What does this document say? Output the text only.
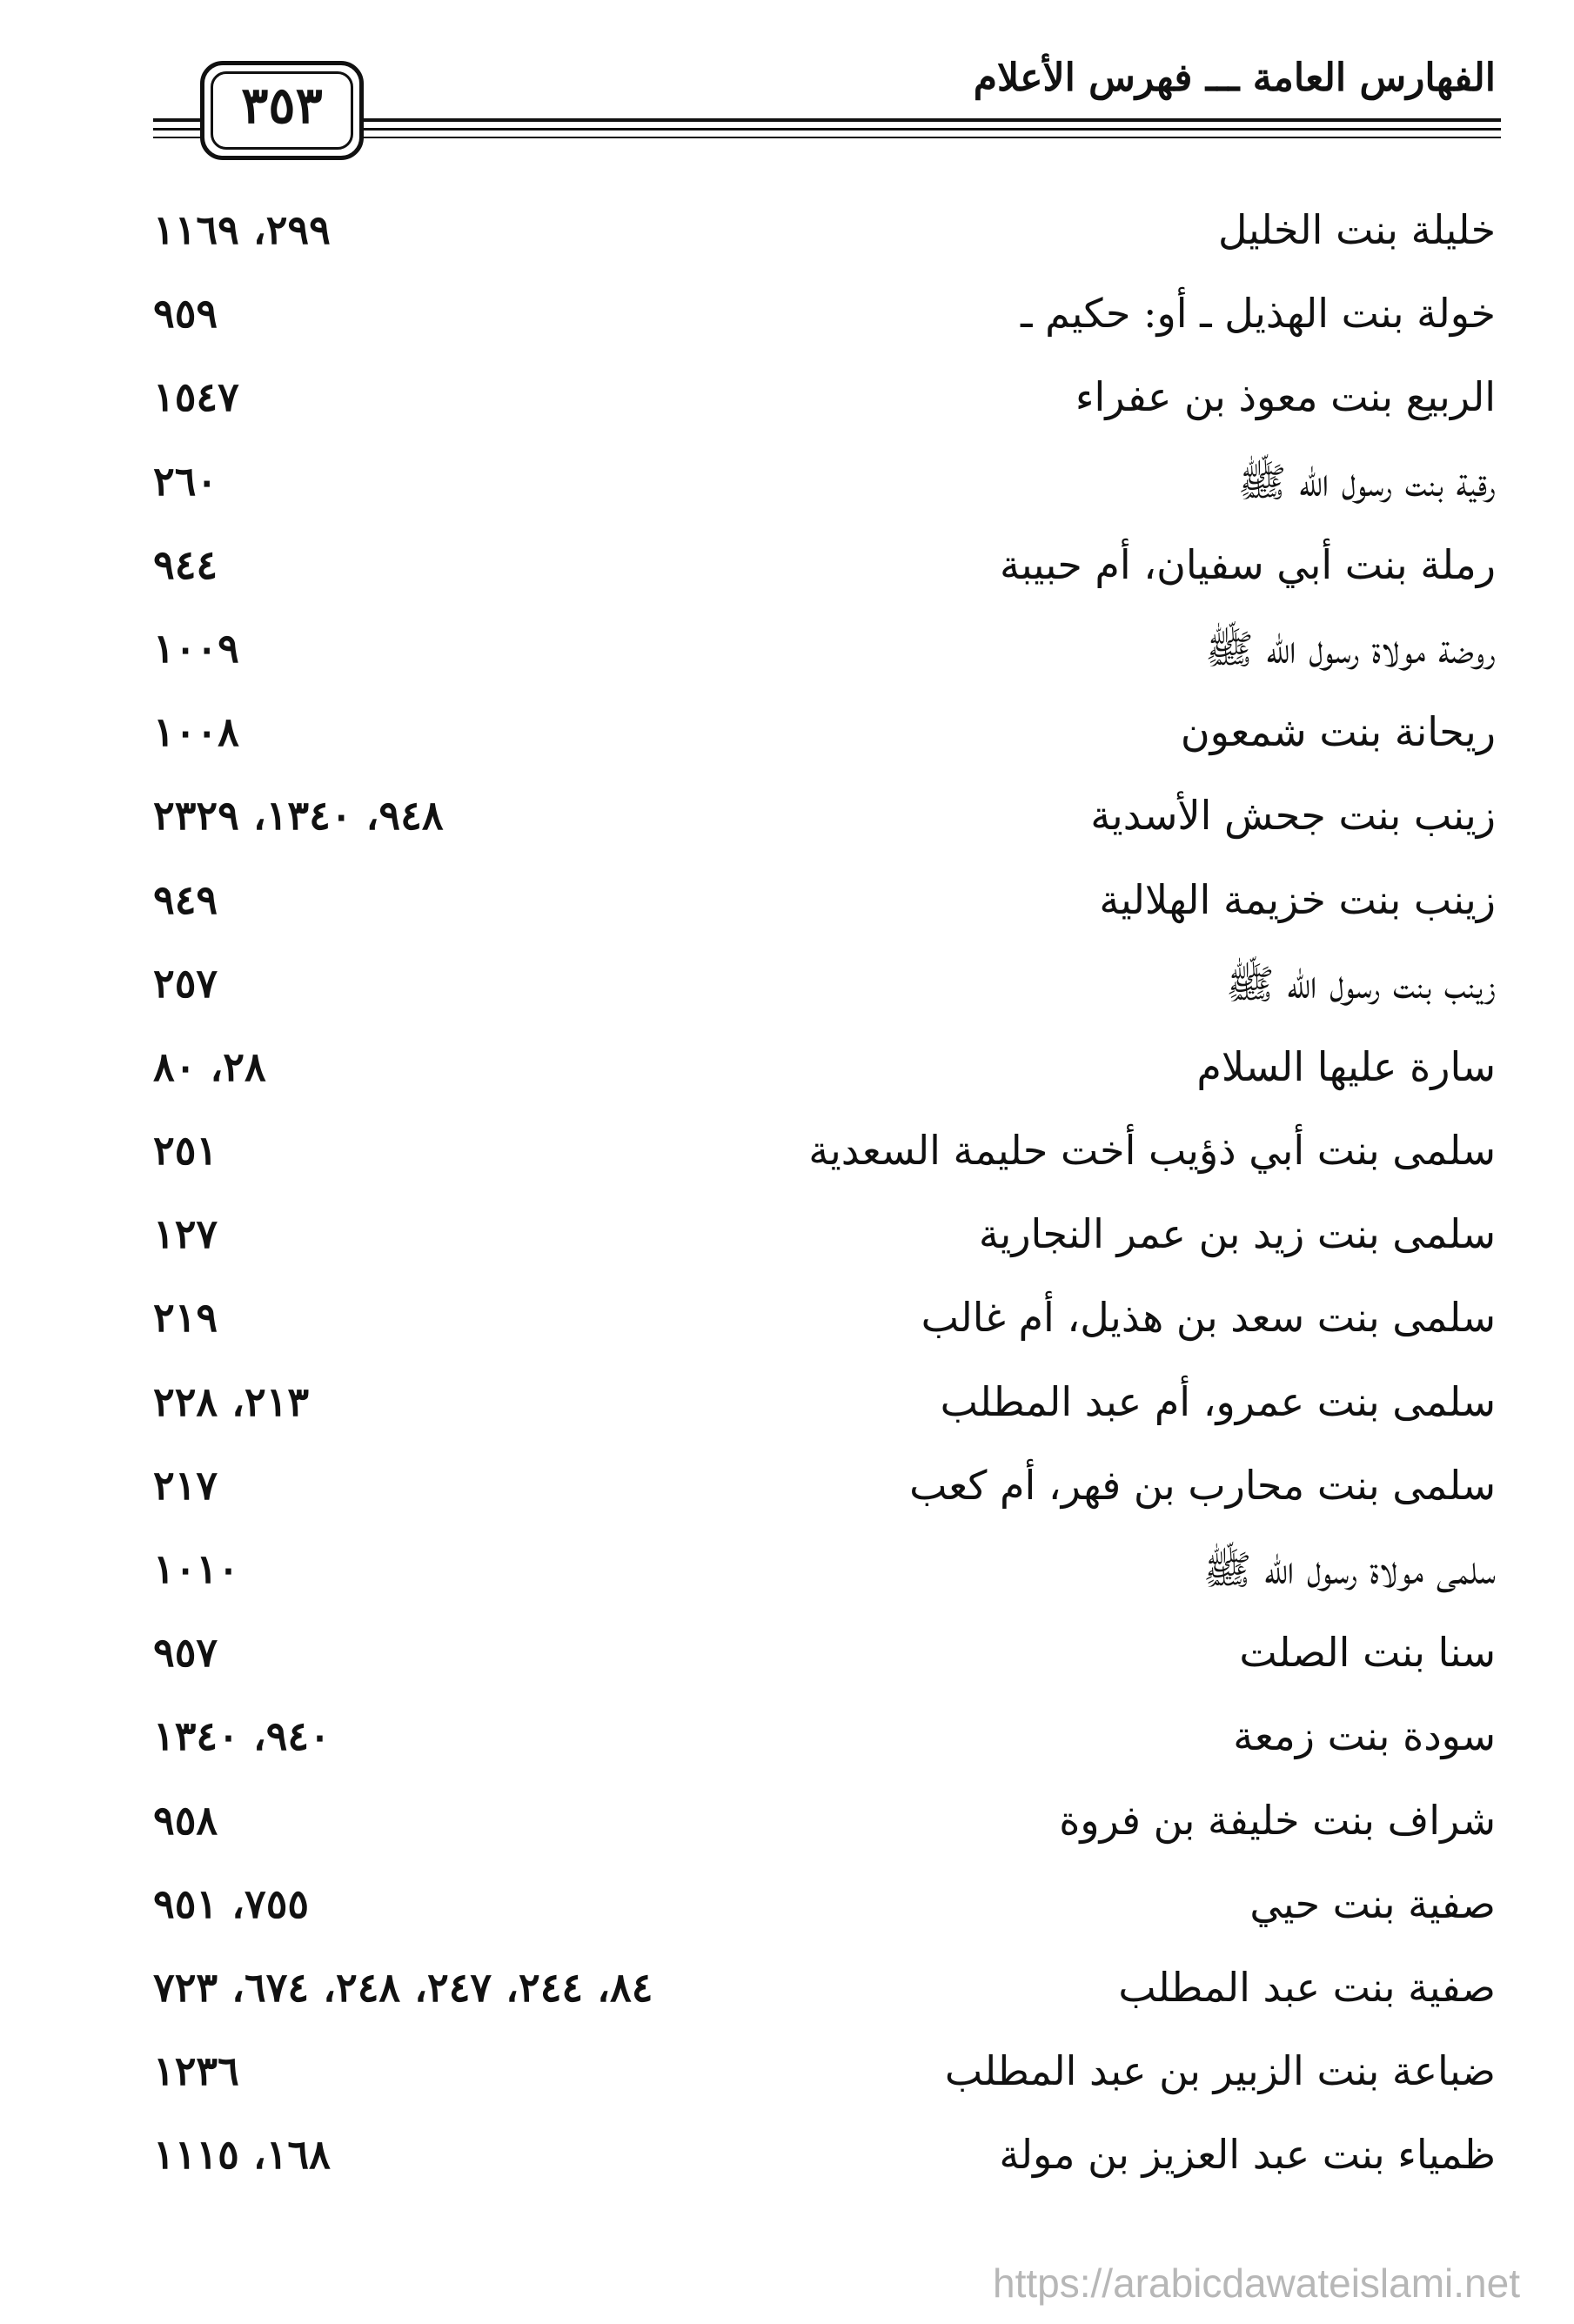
الفهارس العامة ـــ فهرس الأعلام
٣٥٣
خليلة بنت الخليل
٢٩٩، ١١٦٩
خولة بنت الهذيل ـ أو: حكيم ـ
٩٥٩
الربيع بنت معوذ بن عفراء
١٥٤٧
رقية بنت رسول الله ﷺ
٢٦٠
رملة بنت أبي سفيان، أم حبيبة
٩٤٤
روضة مولاة رسول الله ﷺ
١٠٠٩
ريحانة بنت شمعون
١٠٠٨
زينب بنت جحش الأسدية
٩٤٨، ١٣٤٠، ٢٣٢٩
زينب بنت خزيمة الهلالية
٩٤٩
زينب بنت رسول الله ﷺ
٢٥٧
سارة عليها السلام
٢٨، ٨٠
سلمى بنت أبي ذؤيب أخت حليمة السعدية
٢٥١
سلمى بنت زيد بن عمر النجارية
١٢٧
سلمى بنت سعد بن هذيل، أم غالب
٢١٩
سلمى بنت عمرو، أم عبد المطلب
٢١٣، ٢٢٨
سلمى بنت محارب بن فهر، أم كعب
٢١٧
سلمى مولاة رسول الله ﷺ
١٠١٠
سنا بنت الصلت
٩٥٧
سودة بنت زمعة
٩٤٠، ١٣٤٠
شراف بنت خليفة بن فروة
٩٥٨
صفية بنت حيي
٧٥٥، ٩٥١
صفية بنت عبد المطلب
٨٤، ٢٤٤، ٢٤٧، ٢٤٨، ٦٧٤، ٧٢٣
ضباعة بنت الزبير بن عبد المطلب
١٢٣٦
ظمياء بنت عبد العزيز بن مولة
١٦٨، ١١١٥
https://arabicdawateislami.net
